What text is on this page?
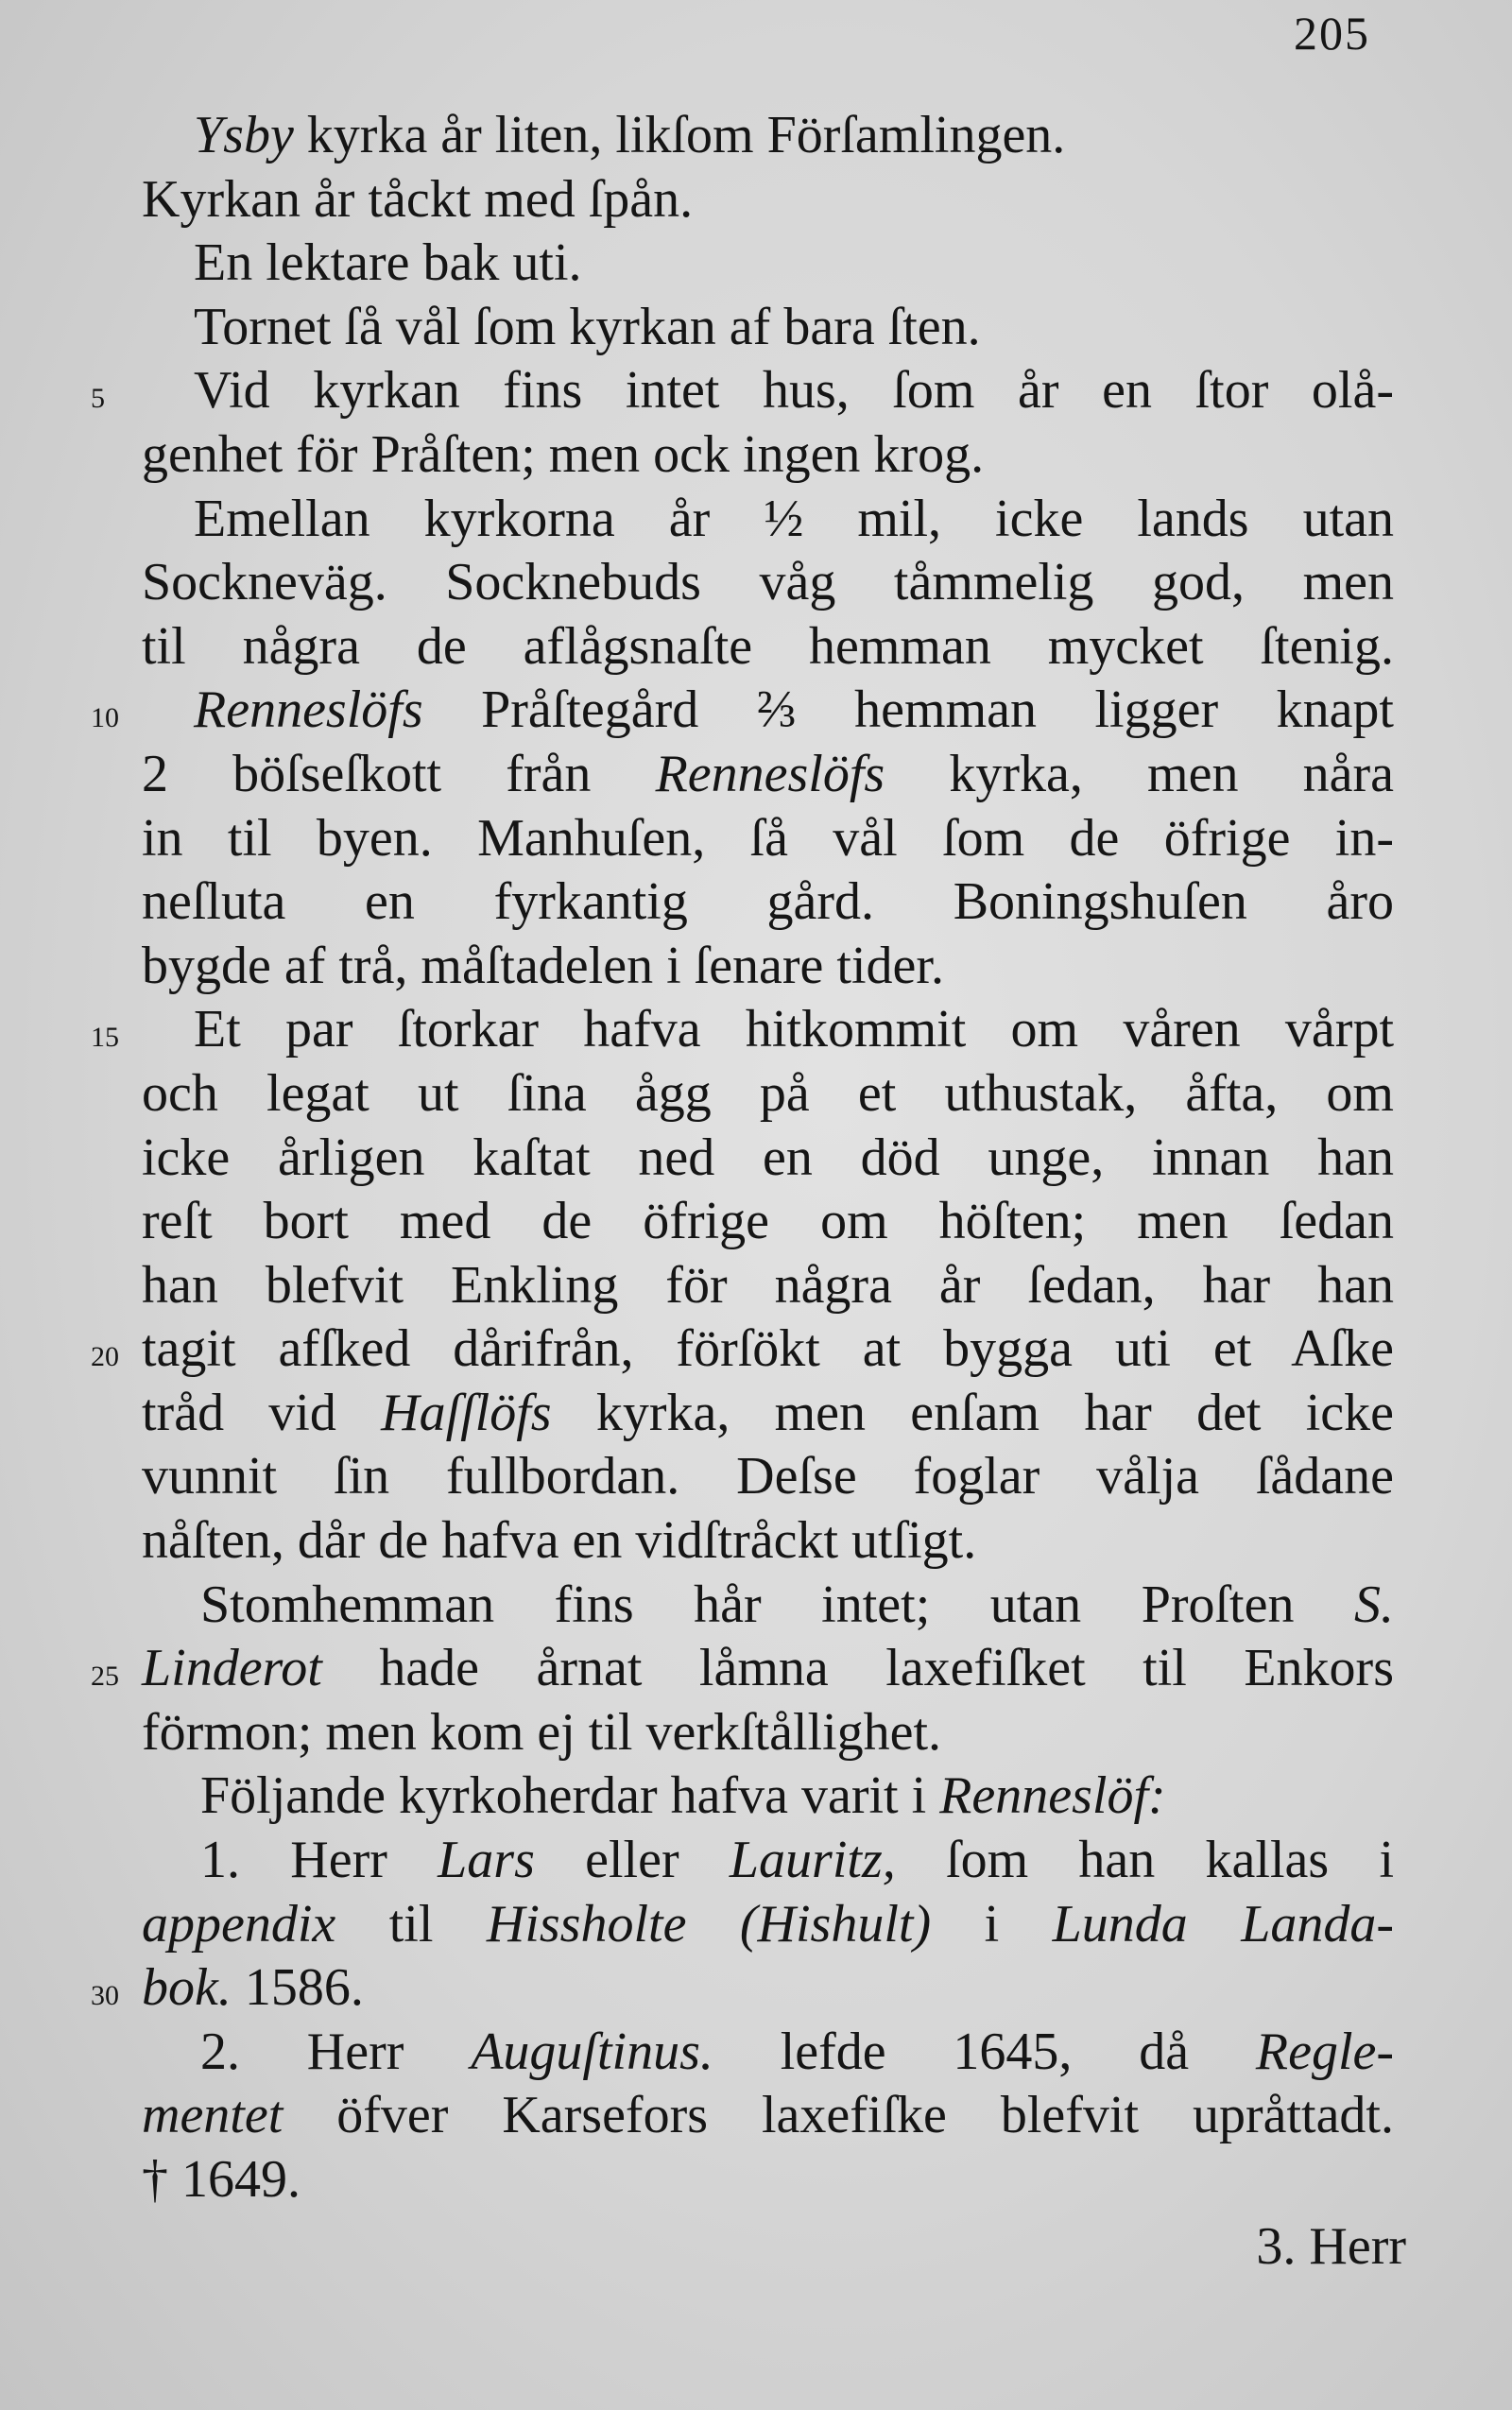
205
Ysby kyrka år liten, likſom Förſamlingen.
Kyrkan år tåckt med ſpån.
En lektare bak uti.
Tornet ſå vål ſom kyrkan af bara ſten.
5 Vid kyrkan fins intet hus, ſom år en ſtor olå-
genhet för Pråſten; men ock ingen krog.
Emellan kyrkorna år ½ mil, icke lands utan
Sockneväg. Socknebuds våg tåmmelig god, men
til några de aflågsnaſte hemman mycket ſtenig.
10 Renneslöfs Pråſtegård ⅔ hemman ligger knapt
2 böſseſkott från Renneslöfs kyrka, men nåra
in til byen. Manhuſen, ſå vål ſom de öfrige in-
neſluta en fyrkantig gård. Boningshuſen åro
bygde af trå, måſtadelen i ſenare tider.
15 Et par ſtorkar hafva hitkommit om våren vårpt
och legat ut ſina ågg på et uthustak, åfta, om
icke årligen kaſtat ned en död unge, innan han
reſt bort med de öfrige om höſten; men ſedan
han blefvit Enkling för några år ſedan, har han
20 tagit afſked dårifrån, förſökt at bygga uti et Aſke
tråd vid Haſſlöfs kyrka, men enſam har det icke
vunnit ſin fullbordan. Deſse foglar vålja ſådane
nåſten, dår de hafva en vidſtråckt utſigt.
Stomhemman fins hår intet; utan Proſten S.
25 Linderot hade årnat låmna laxefiſket til Enkors
förmon; men kom ej til verkſtållighet.
Följande kyrkoherdar hafva varit i Renneslöf:
1. Herr Lars eller Lauritz, ſom han kallas i
appendix til Hissholte (Hishult) i Lunda Landa-
30 bok. 1586.
2. Herr Auguſtinus. lefde 1645, då Regle-
mentet öfver Karsefors laxefiſke blefvit upråttadt.
† 1649.
3. Herr
